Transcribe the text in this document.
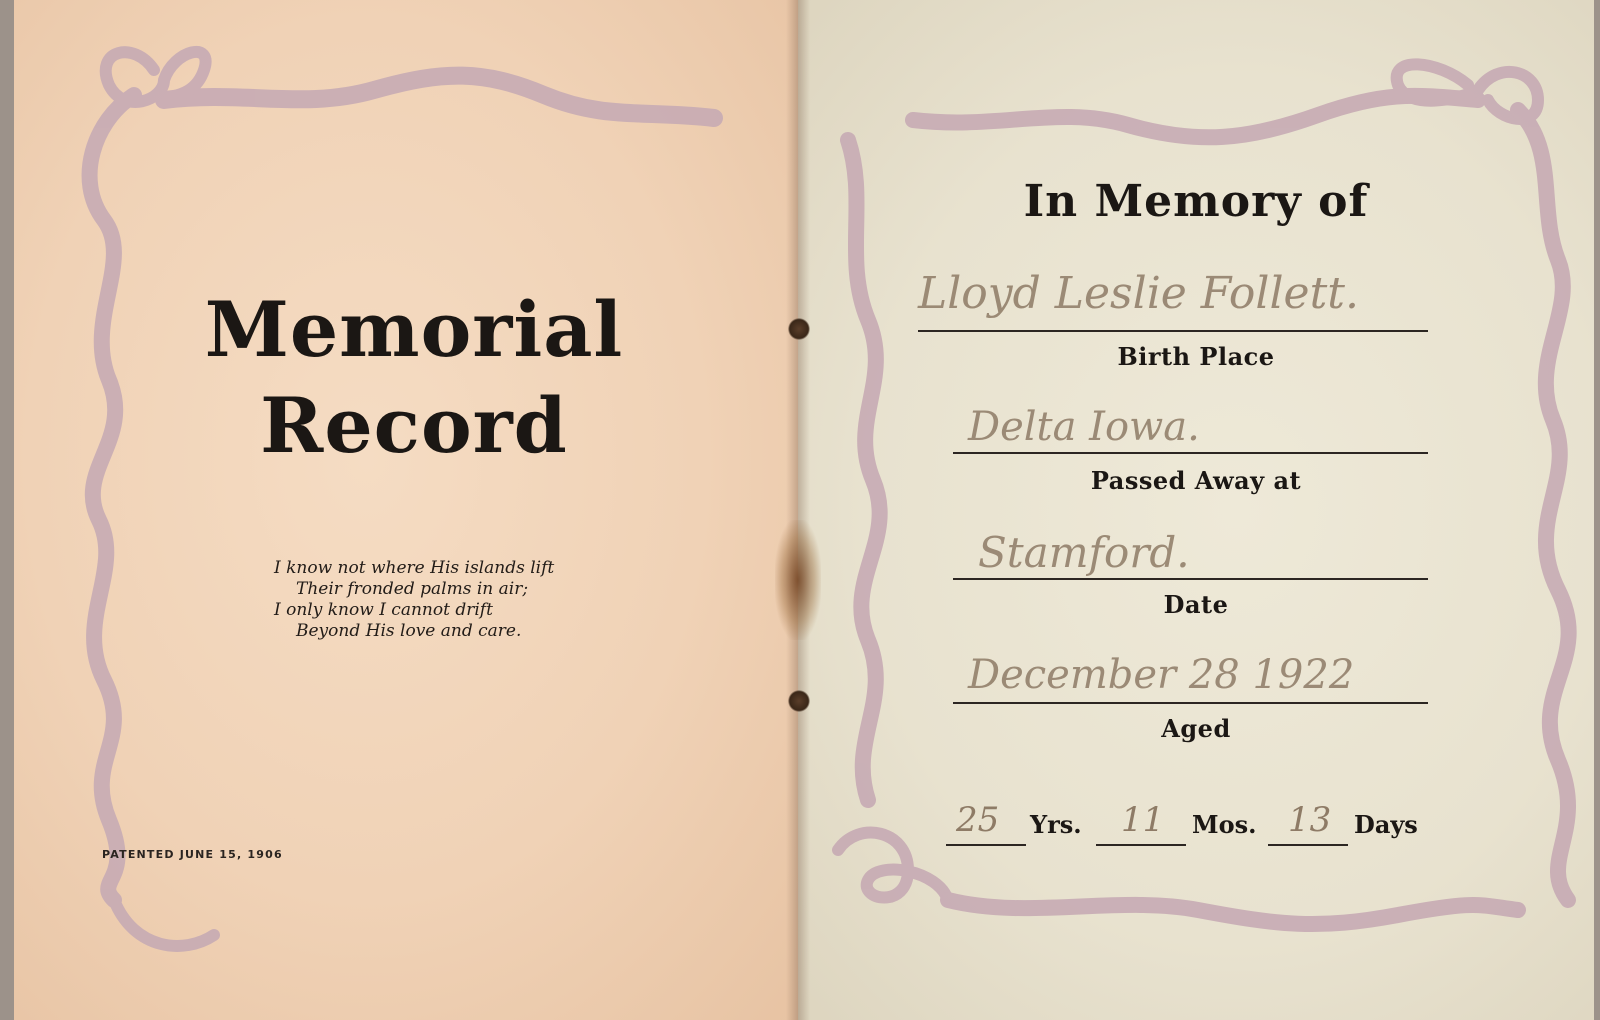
Memorial
Record
I know not where His islands lift
Their fronded palms in air;
I only know I cannot drift
Beyond His love and care.
PATENTED JUNE 15, 1906
In Memory of
Lloyd Leslie Follett.
Birth Place
Delta Iowa.
Passed Away at
Stamford.
Date
December 28 1922
Aged
25 Yrs. 11 Mos. 13 Days
